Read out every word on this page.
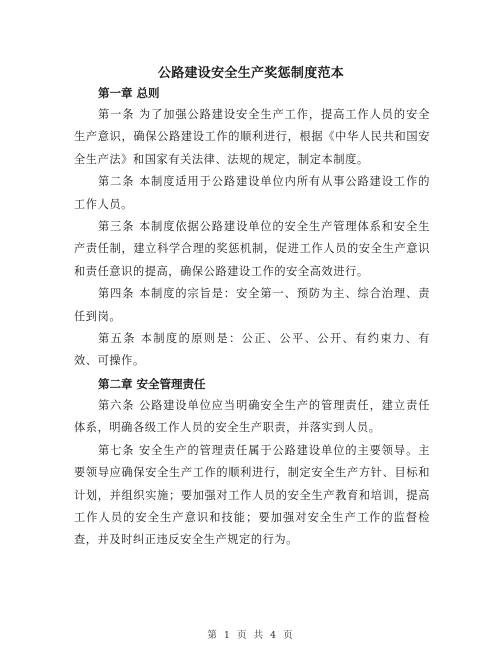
公路建设安全生产奖惩制度范本

第一章 总则

第一条 为了加强公路建设安全生产工作，提高工作人员的安全生产意识，确保公路建设工作的顺利进行，根据《中华人民共和国安全生产法》和国家有关法律、法规的规定，制定本制度。

第二条 本制度适用于公路建设单位内所有从事公路建设工作的工作人员。

第三条 本制度依据公路建设单位的安全生产管理体系和安全生产责任制，建立科学合理的奖惩机制，促进工作人员的安全生产意识和责任意识的提高，确保公路建设工作的安全高效进行。

第四条 本制度的宗旨是：安全第一、预防为主、综合治理、责任到岗。

第五条 本制度的原则是：公正、公平、公开、有约束力、有效、可操作。

第二章 安全管理责任

第六条 公路建设单位应当明确安全生产的管理责任，建立责任体系，明确各级工作人员的安全生产职责，并落实到人员。

第七条 安全生产的管理责任属于公路建设单位的主要领导。主要领导应确保安全生产工作的顺利进行，制定安全生产方针、目标和计划，并组织实施；要加强对工作人员的安全生产教育和培训，提高工作人员的安全生产意识和技能；要加强对安全生产工作的监督检查，并及时纠正违反安全生产规定的行为。

第 1 页 共 4 页
